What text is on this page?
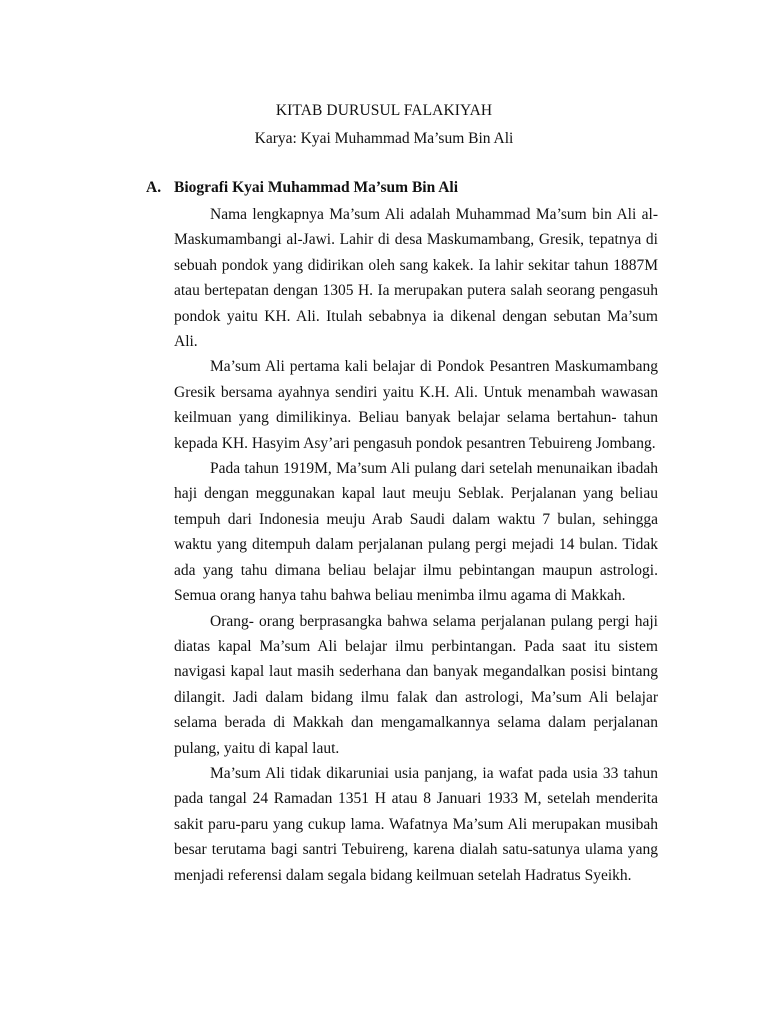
KITAB DURUSUL FALAKIYAH
Karya: Kyai Muhammad Ma’sum Bin Ali
A. Biografi Kyai Muhammad Ma’sum Bin Ali

Nama lengkapnya Ma’sum Ali adalah Muhammad Ma’sum bin Ali al-Maskumambangi al-Jawi. Lahir di desa Maskumambang, Gresik, tepatnya di sebuah pondok yang didirikan oleh sang kakek. Ia lahir sekitar tahun 1887M atau bertepatan dengan 1305 H. Ia merupakan putera salah seorang pengasuh pondok yaitu KH. Ali. Itulah sebabnya ia dikenal dengan sebutan Ma’sum Ali.

Ma’sum Ali pertama kali belajar di Pondok Pesantren Maskumambang Gresik bersama ayahnya sendiri yaitu K.H. Ali. Untuk menambah wawasan keilmuan yang dimilikinya. Beliau banyak belajar selama bertahun- tahun kepada KH. Hasyim Asy’ari pengasuh pondok pesantren Tebuireng Jombang.

Pada tahun 1919M, Ma’sum Ali pulang dari setelah menunaikan ibadah haji dengan meggunakan kapal laut meuju Seblak. Perjalanan yang beliau tempuh dari Indonesia meuju Arab Saudi dalam waktu 7 bulan, sehingga waktu yang ditempuh dalam perjalanan pulang pergi mejadi 14 bulan. Tidak ada yang tahu dimana beliau belajar ilmu pebintangan maupun astrologi. Semua orang hanya tahu bahwa beliau menimba ilmu agama di Makkah.

Orang- orang berprasangka bahwa selama perjalanan pulang pergi haji diatas kapal Ma’sum Ali belajar ilmu perbintangan. Pada saat itu sistem navigasi kapal laut masih sederhana dan banyak megandalkan posisi bintang dilangit. Jadi dalam bidang ilmu falak dan astrologi, Ma’sum Ali belajar selama berada di Makkah dan mengamalkannya selama dalam perjalanan pulang, yaitu di kapal laut.

Ma’sum Ali tidak dikaruniai usia panjang, ia wafat pada usia 33 tahun pada tangal 24 Ramadan 1351 H atau 8 Januari 1933 M, setelah menderita sakit paru-paru yang cukup lama. Wafatnya Ma’sum Ali merupakan musibah besar terutama bagi santri Tebuireng, karena dialah satu-satunya ulama yang menjadi referensi dalam segala bidang keilmuan setelah Hadratus Syeikh.
